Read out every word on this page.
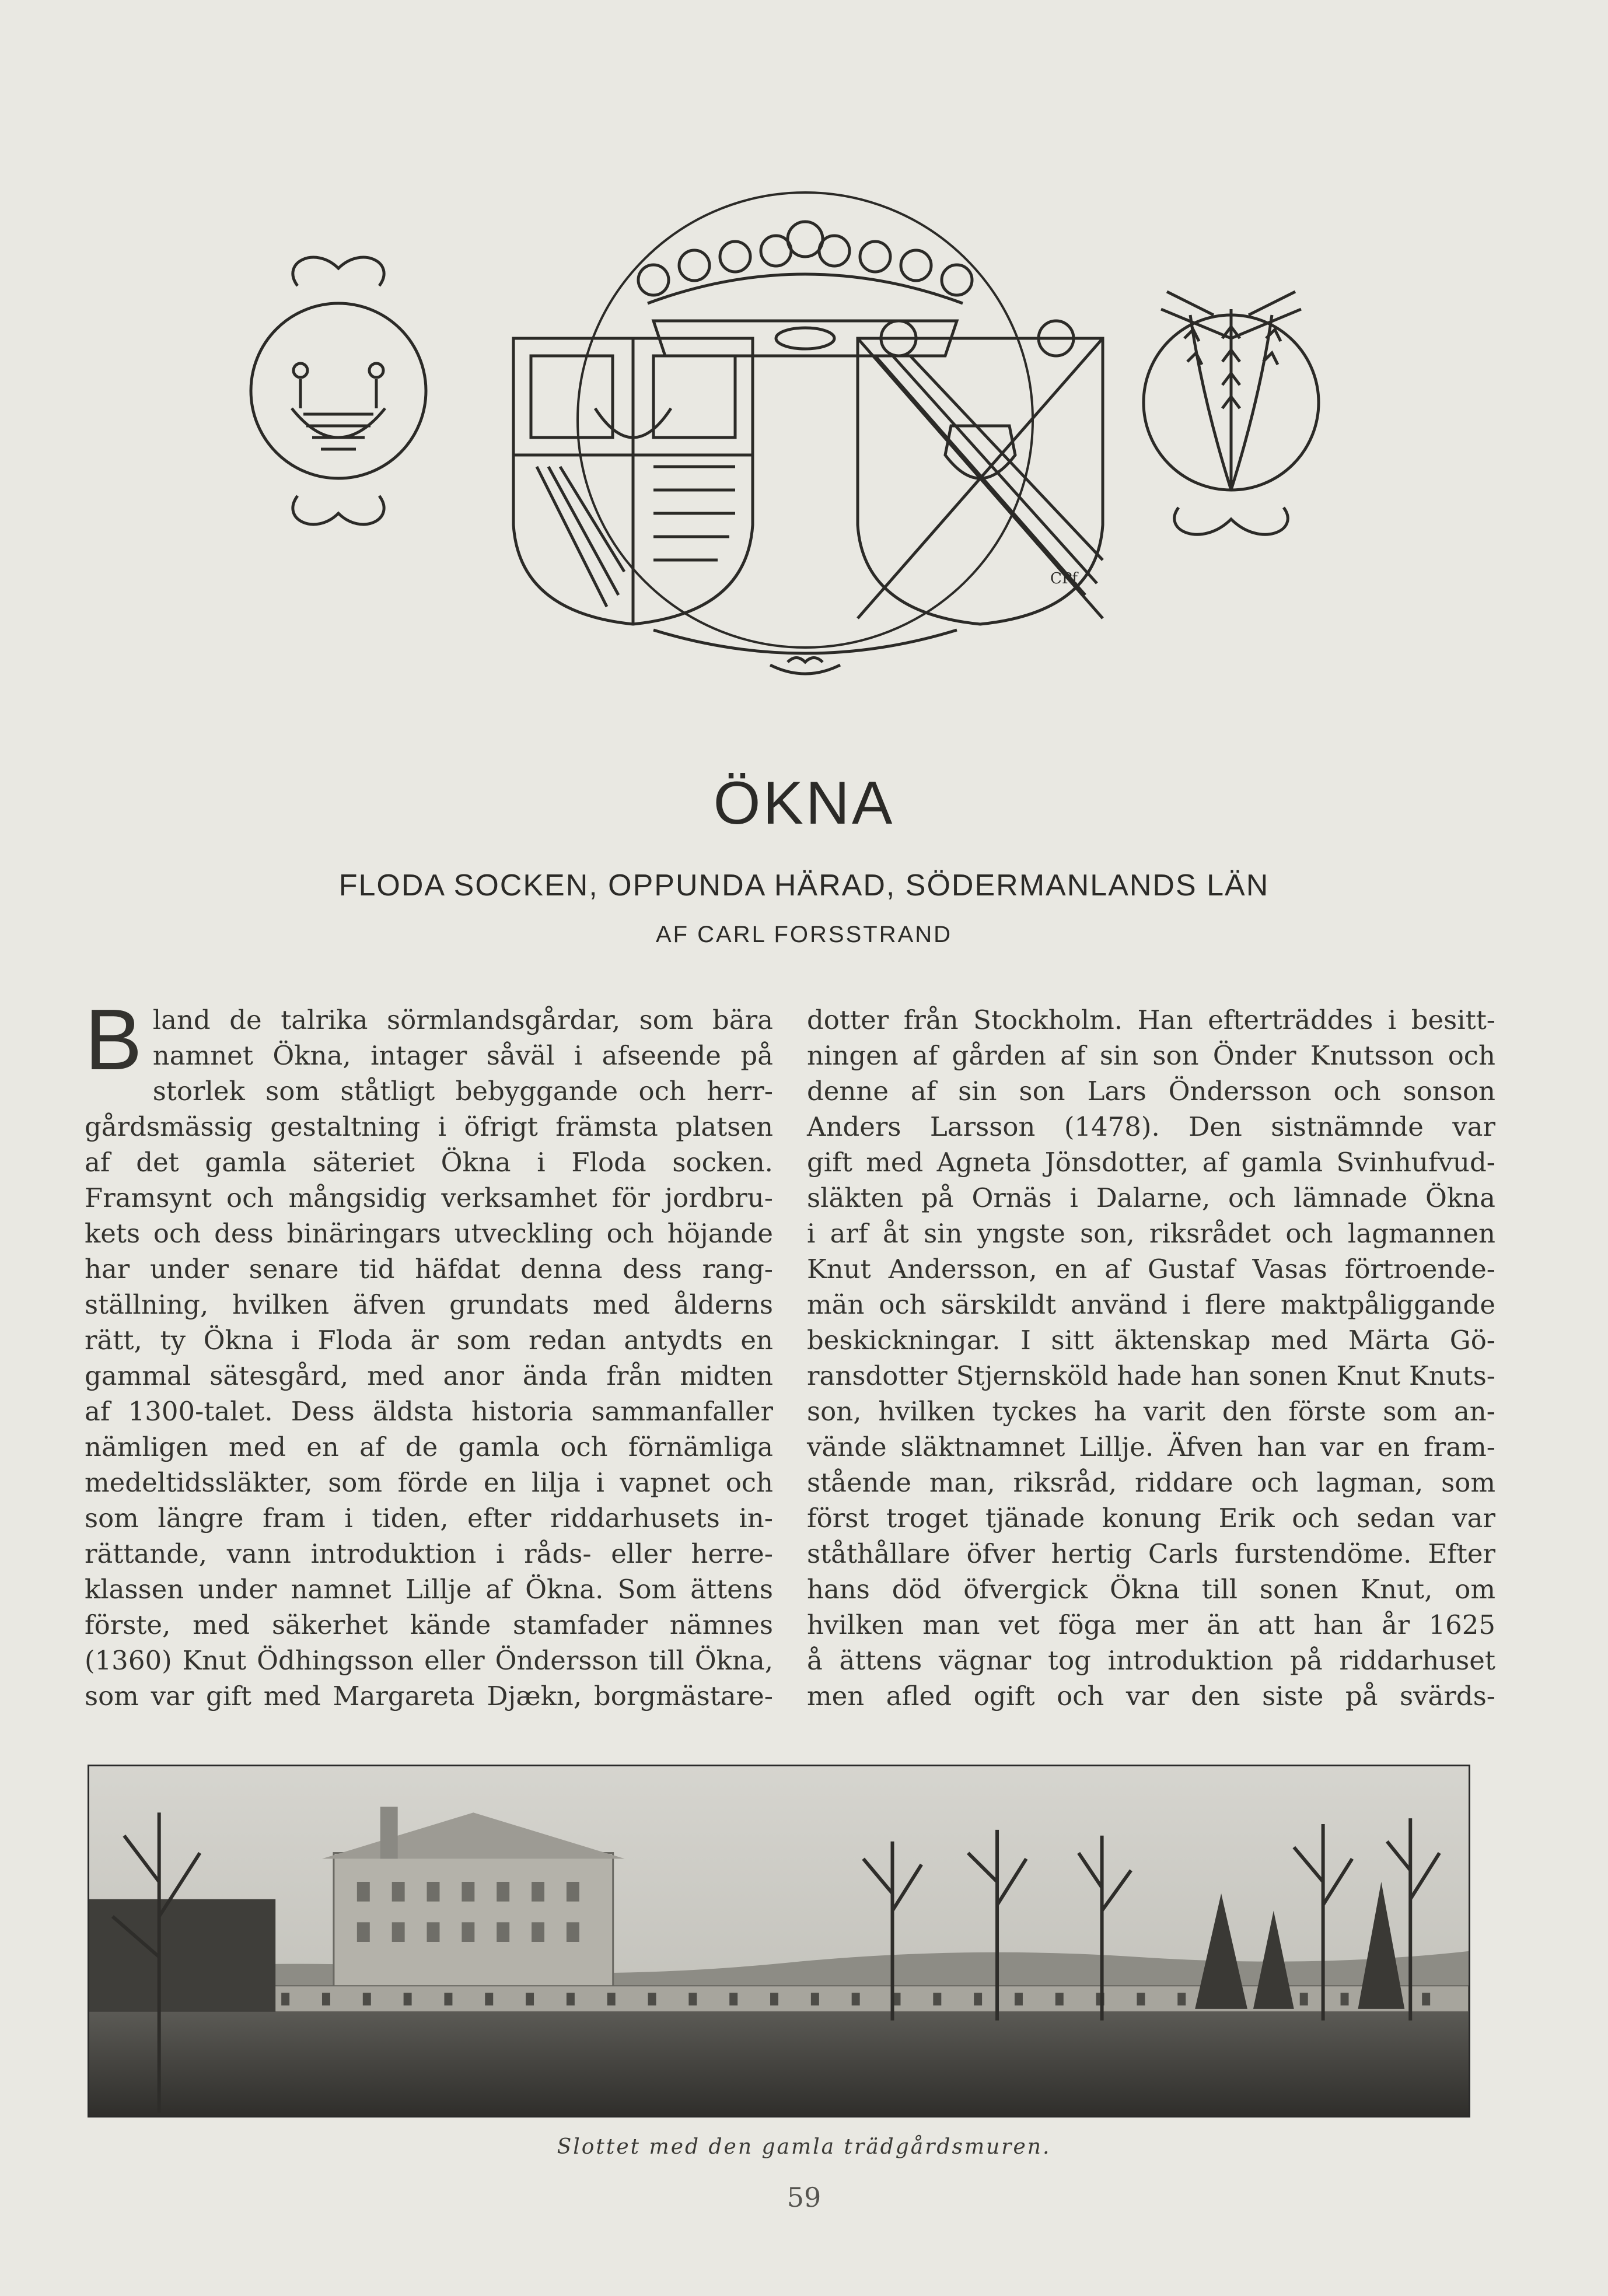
CPf
ÖKNA
FLODA SOCKEN, OPPUNDA HÄRAD, SÖDERMANLANDS LÄN
AF CARL FORSSTRAND
B land de talrika sörmlandsgårdar, som bära
namnet Ökna, intager såväl i afseende på
storlek som ståtligt bebyggande och herr-
gårdsmässig gestaltning i öfrigt främsta platsen
af det gamla säteriet Ökna i Floda socken.
Framsynt och mångsidig verksamhet för jordbru-
kets och dess binäringars utveckling och höjande
har under senare tid häfdat denna dess rang-
ställning, hvilken äfven grundats med ålderns
rätt, ty Ökna i Floda är som redan antydts en
gammal sätesgård, med anor ända från midten
af 1300-talet. Dess äldsta historia sammanfaller
nämligen med en af de gamla och förnämliga
medeltidssläkter, som förde en lilja i vapnet och
som längre fram i tiden, efter riddarhusets in-
rättande, vann introduktion i råds- eller herre-
klassen under namnet Lillje af Ökna. Som ättens
förste, med säkerhet kände stamfader nämnes
(1360) Knut Ödhingsson eller Öndersson till Ökna,
som var gift med Margareta Djækn, borgmästare-
dotter från Stockholm. Han efterträddes i besitt-
ningen af gården af sin son Önder Knutsson och
denne af sin son Lars Öndersson och sonson
Anders Larsson (1478). Den sistnämnde var
gift med Agneta Jönsdotter, af gamla Svinhufvud-
släkten på Ornäs i Dalarne, och lämnade Ökna
i arf åt sin yngste son, riksrådet och lagmannen
Knut Andersson, en af Gustaf Vasas förtroende-
män och särskildt använd i flere maktpåliggande
beskickningar. I sitt äktenskap med Märta Gö-
ransdotter Stjernsköld hade han sonen Knut Knuts-
son, hvilken tyckes ha varit den förste som an-
vände släktnamnet Lillje. Äfven han var en fram-
stående man, riksråd, riddare och lagman, som
först troget tjänade konung Erik och sedan var
ståthållare öfver hertig Carls furstendöme. Efter
hans död öfvergick Ökna till sonen Knut, om
hvilken man vet föga mer än att han år 1625
å ättens vägnar tog introduktion på riddarhuset
men afled ogift och var den siste på svärds-
Slottet med den gamla trädgårdsmuren.
59
